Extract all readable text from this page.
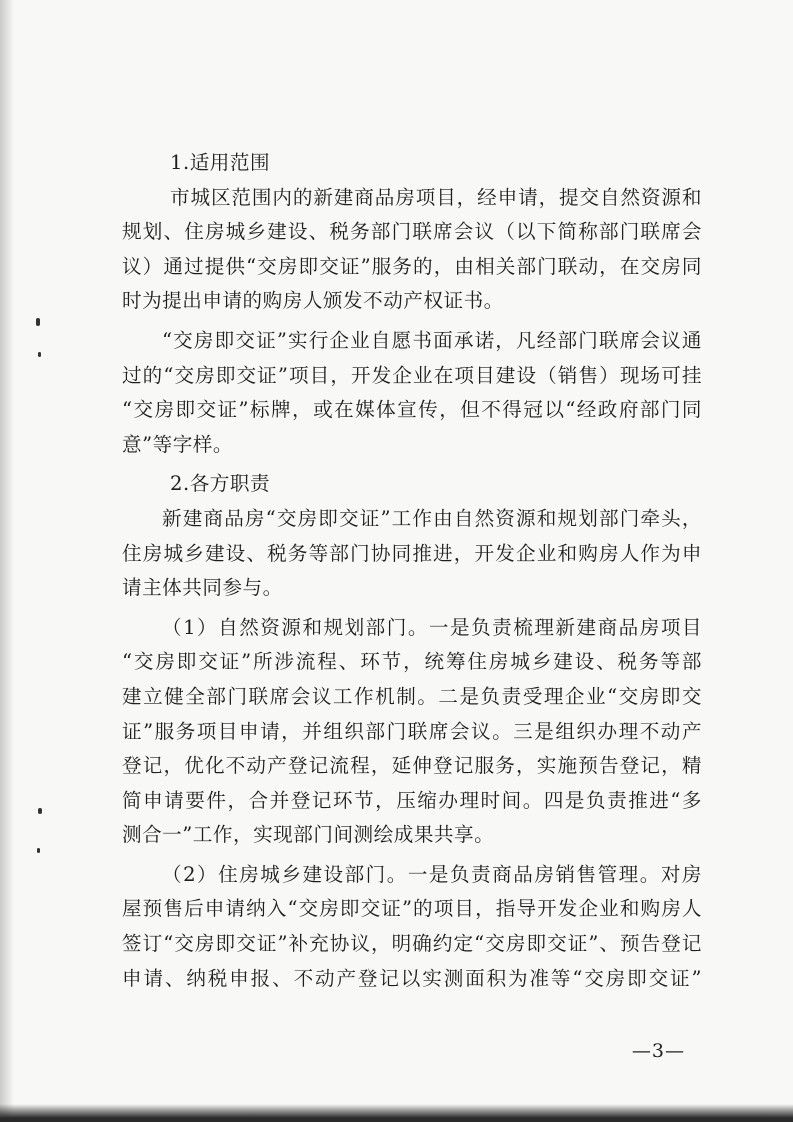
1.适用范围
市城区范围内的新建商品房项目，经申请，提交自然资源和
规划、住房城乡建设、税务部门联席会议（以下简称部门联席会
议）通过提供“交房即交证”服务的，由相关部门联动，在交房同
时为提出申请的购房人颁发不动产权证书。
“交房即交证”实行企业自愿书面承诺，凡经部门联席会议通
过的“交房即交证”项目，开发企业在项目建设（销售）现场可挂
“交房即交证”标牌，或在媒体宣传，但不得冠以“经政府部门同
意”等字样。
2.各方职责
新建商品房“交房即交证”工作由自然资源和规划部门牵头，
住房城乡建设、税务等部门协同推进，开发企业和购房人作为申
请主体共同参与。
（1）自然资源和规划部门。一是负责梳理新建商品房项目
“交房即交证”所涉流程、环节，统筹住房城乡建设、税务等部
建立健全部门联席会议工作机制。二是负责受理企业“交房即交
证”服务项目申请，并组织部门联席会议。三是组织办理不动产
登记，优化不动产登记流程，延伸登记服务，实施预告登记，精
简申请要件，合并登记环节，压缩办理时间。四是负责推进“多
测合一”工作，实现部门间测绘成果共享。
（2）住房城乡建设部门。一是负责商品房销售管理。对房
屋预售后申请纳入“交房即交证”的项目，指导开发企业和购房人
签订“交房即交证”补充协议，明确约定“交房即交证”、预告登记
申请、纳税申报、不动产登记以实测面积为准等“交房即交证”
—3—
